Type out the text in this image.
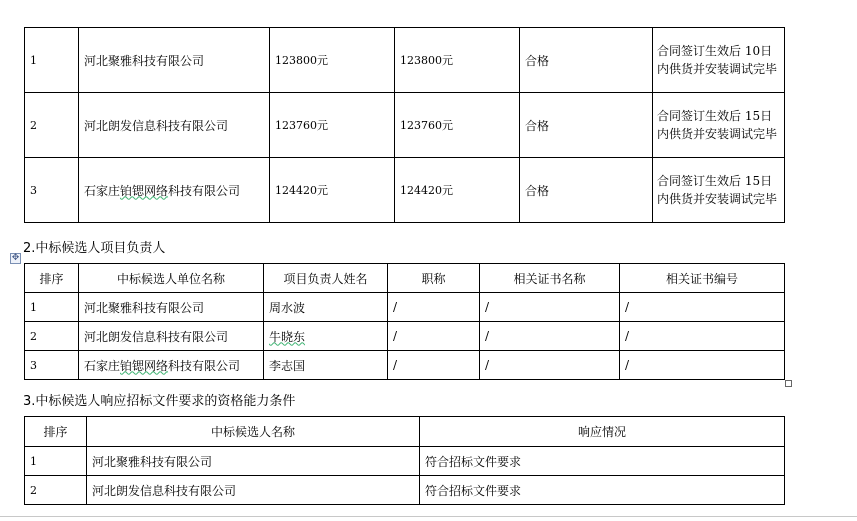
1	河北聚雅科技有限公司	123800元	123800元	合格	合同签订生效后 10日内供货并安装调试完毕
2	河北朗发信息科技有限公司	123760元	123760元	合格	合同签订生效后 15日内供货并安装调试完毕
3	石家庄铂锶网络科技有限公司	124420元	124420元	合格	合同签订生效后 15日内供货并安装调试完毕

2.中标候选人项目负责人

✥
排序	中标候选人单位名称	项目负责人姓名	职称	相关证书名称	相关证书编号
1	河北聚雅科技有限公司	周水波	/	/	/
2	河北朗发信息科技有限公司	牛晓东	/	/	/
3	石家庄铂锶网络科技有限公司	李志国	/	/	/

3.中标候选人响应招标文件要求的资格能力条件

排序	中标候选人名称	响应情况
1	河北聚雅科技有限公司	符合招标文件要求
2	河北朗发信息科技有限公司	符合招标文件要求
